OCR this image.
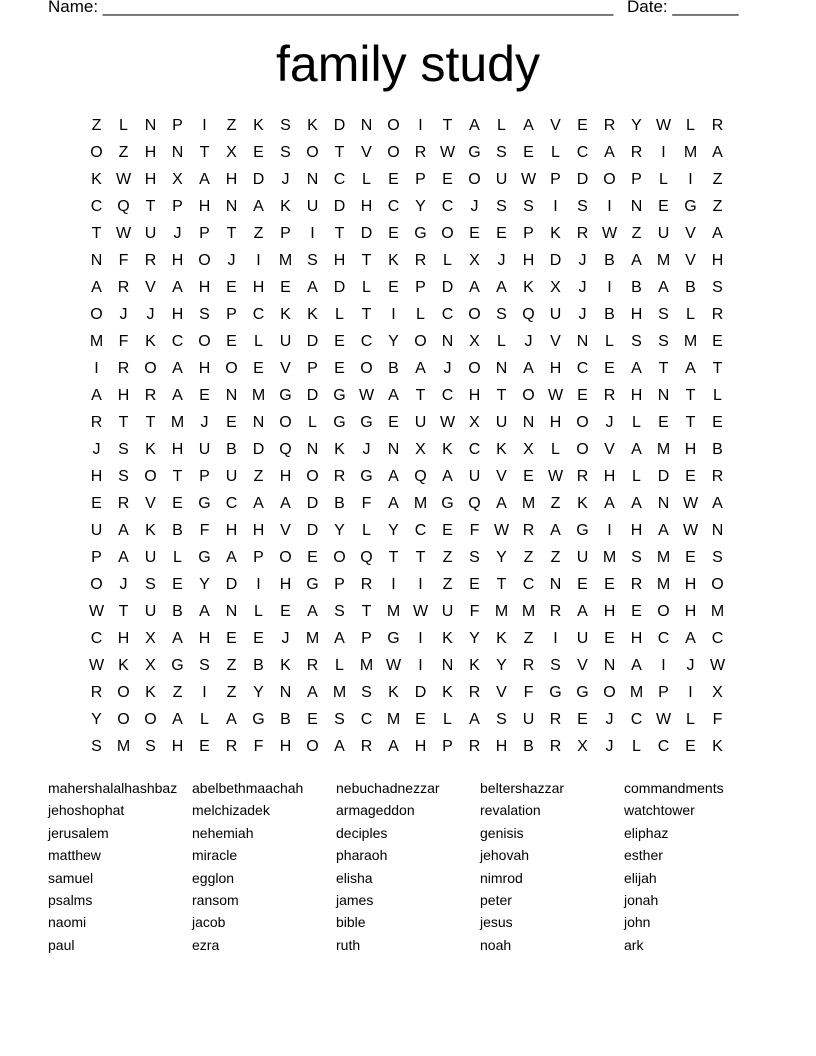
Name: ______________________________________________________ Date: _______
family study
Z	L	N P	I	Z	K	S	K D N O	I	T	A	L	A	V	E R Y W L	R
O Z	H N	T	X	E	S O T	V O R W G S	E	L	C A R	I	M A
K W H X	A H D	J	N C	L	E	P	E O U W P D O P	L	I	Z
C Q T	P H N A	K U D H C Y C	J	S	S	I	S	I	N E G Z
T W U	J	P	T	Z	P	I	T	D E G O E	E	P	K R W Z	U V	A
N	F	R H O	J	I	M S H	T	K R	L	X	J	H D	J	B	A M V H
A R V	A H E H E	A D	L	E	P D A	A	K	X	J	I	B	A	B	S
O	J	J	H S	P C K	K	L	T	I	L	C O S Q U	J	B H S	L	R
M F	K C O E	L	U D E C Y O N X	L	J	V N	L	S	S M E
I	R O A H O E	V	P	E O B	A	J	O N A H C E	A	T	A	T
A H R A	E N M G D G W A	T	C H	T O W E R H N	T	L
R	T	T M	J	E N O	L	G G E U W X U N H O	J	L	E	T	E
J	S	K H U B D Q N K	J	N X	K C K	X	L	O V	A M H B
H S O T	P U	Z	H O R G A Q A U V	E W R H	L	D E R
E R V	E G C A	A D B	F	A M G Q A M Z	K	A	A N W A
U A	K	B	F	H H V D Y	L	Y C E	F W R A G	I	H A W N
P	A U	L	G A	P O E O Q T	T	Z	S	Y	Z	Z	U M S M E	S
O	J	S	E	Y D	I	H G P R	I	I	Z	E	T	C N E	E R M H O
W T	U B	A N	L	E	A	S	T M W U	F M M R A H E O H M
C H X	A H E	E	J	M A	P G	I	K	Y	K	Z	I	U E H C A C
W K	X G S	Z	B	K R	L M W	I	N K	Y R S	V N A	I	J W
R O K	Z	I	Z	Y N A M S	K D K R V	F G G O M P	I	X
Y O O A	L	A G B	E	S C M E	L	A	S U R E	J	C W L	F
S M S H E R	F	H O A R A H P R H B R X	J	L	C E	K
mahershalalhashbaz	abelbethmaachah	nebuchadnezzar	beltershazzar	commandments
jehoshophat	melchizadek	armageddon	revalation	watchtower
jerusalem	nehemiah	deciples	genisis	eliphaz
matthew	miracle	pharaoh	jehovah	esther
samuel	egglon	elisha	nimrod	elijah
psalms	ransom	james	peter	jonah
naomi	jacob	bible	jesus	john
paul	ezra	ruth	noah	ark
